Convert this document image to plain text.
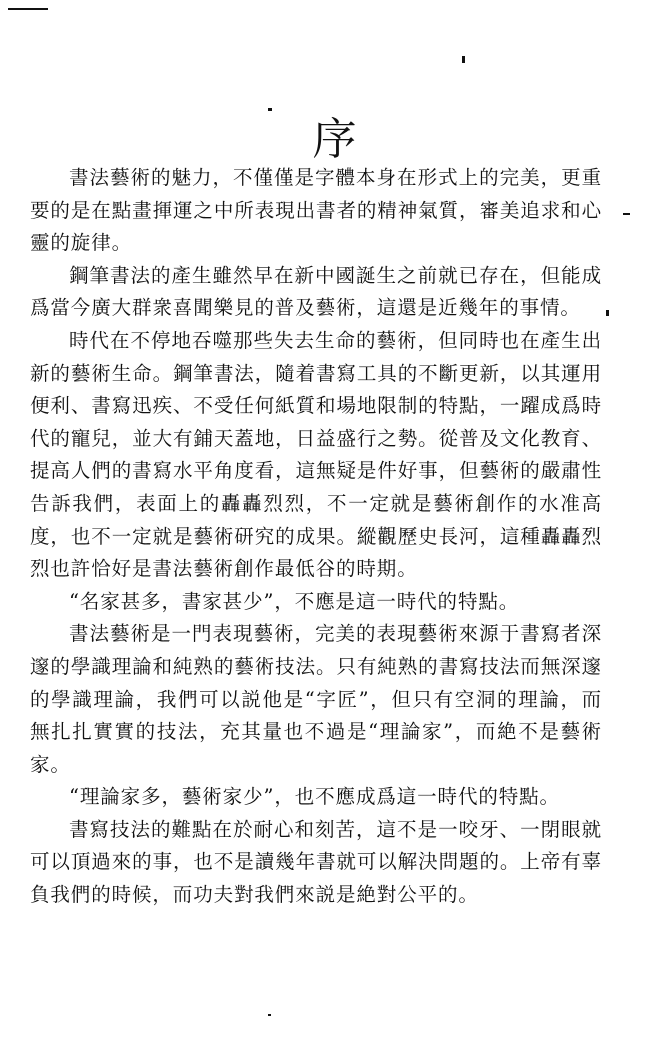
序

書法藝術的魅力，不僅僅是字體本身在形式上的完美，更重要的是在點畫揮運之中所表現出書者的精神氣質，審美追求和心靈的旋律。

鋼筆書法的產生雖然早在新中國誕生之前就已存在，但能成爲當今廣大群衆喜聞樂見的普及藝術，這還是近幾年的事情。

時代在不停地吞噬那些失去生命的藝術，但同時也在產生出新的藝術生命。鋼筆書法，隨着書寫工具的不斷更新，以其運用便利、書寫迅疾、不受任何紙質和場地限制的特點，一躍成爲時代的寵兒，並大有鋪天蓋地，日益盛行之勢。從普及文化教育、提高人們的書寫水平角度看，這無疑是件好事，但藝術的嚴肅性告訴我們，表面上的轟轟烈烈，不一定就是藝術創作的水准高度，也不一定就是藝術研究的成果。縱觀歷史長河，這種轟轟烈烈也許恰好是書法藝術創作最低谷的時期。

“名家甚多，書家甚少”，不應是這一時代的特點。

書法藝術是一門表現藝術，完美的表現藝術來源于書寫者深邃的學識理論和純熟的藝術技法。只有純熟的書寫技法而無深邃的學識理論，我們可以説他是“字匠”，但只有空洞的理論，而無扎扎實實的技法，充其量也不過是“理論家”，而絶不是藝術家。

“理論家多，藝術家少”，也不應成爲這一時代的特點。

書寫技法的難點在於耐心和刻苦，這不是一咬牙、一閉眼就可以頂過來的事，也不是讀幾年書就可以解決問題的。上帝有辜負我們的時候，而功夫對我們來説是絶對公平的。
